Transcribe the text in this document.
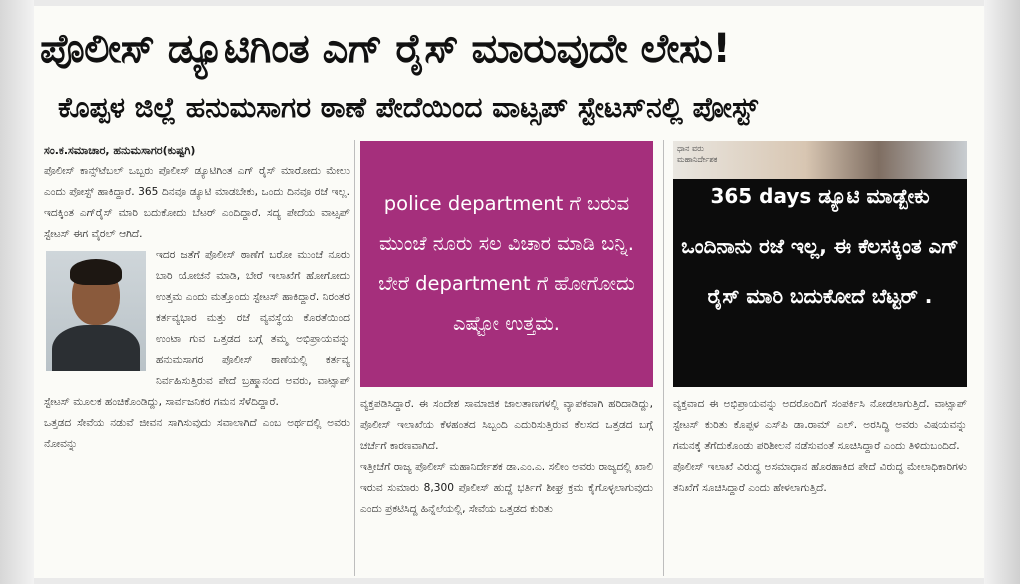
ಪೊಲೀಸ್ ಡ್ಯೂಟಿಗಿಂತ ಎಗ್ ರೈಸ್ ಮಾರುವುದೇ ಲೇಸು!
ಕೊಪ್ಪಳ ಜಿಲ್ಲೆ ಹನುಮಸಾಗರ ಠಾಣೆ ಪೇದೆಯಿಂದ ವಾಟ್ಸಪ್ ಸ್ಟೇಟಸ್‌ನಲ್ಲಿ ಪೋಸ್ಟ್
ಸಂ.ಕ.ಸಮಾಚಾರ, ಹನುಮಸಾಗರ(ಕುಷ್ಟಗಿ)
ಪೊಲೀಸ್ ಕಾನ್ಸ್‌ಟೆಬಲ್ ಒಬ್ಬರು ಪೊಲೀಸ್ ಡ್ಯೂಟಿಗಿಂತ ಎಗ್ ರೈಸ್ ಮಾರೋದು ಮೇಲು ಎಂದು ಪೋಸ್ಟ್ ಹಾಕಿದ್ದಾರೆ. 365 ದಿನವೂ ಡ್ಯೂಟಿ ಮಾಡಬೇಕು, ಒಂದು ದಿನವೂ ರಜೆ ಇಲ್ಲ. ಇದಕ್ಕಿಂತ ಎಗ್‌ರೈಸ್ ಮಾರಿ ಬದುಕೋದು ಬೆಟರ್ ಎಂದಿದ್ದಾರೆ. ಸದ್ಯ ಪೇದೆಯ ವಾಟ್ಸಪ್ ಸ್ಟೇಟಸ್ ಈಗ ವೈರಲ್ ಆಗಿದೆ.
ಇದರ ಜತೆಗೆ ಪೊಲೀಸ್ ಠಾಣೆಗೆ ಬರೋ ಮುಂಚೆ ನೂರು ಬಾರಿ ಯೋಚನೆ ಮಾಡಿ, ಬೇರೆ ಇಲಾಖೆಗೆ ಹೋಗೋದು ಉತ್ತಮ ಎಂದು ಮತ್ತೊಂದು ಸ್ಟೇಟಸ್ ಹಾಕಿದ್ದಾರೆ. ನಿರಂತರ ಕರ್ತವ್ಯಭಾರ ಮತ್ತು ರಜೆ ವ್ಯವಸ್ಥೆಯ ಕೊರತೆಯಿಂದ ಉಂಟಾ ಗುವ ಒತ್ತಡದ ಬಗ್ಗೆ ತಮ್ಮ ಅಭಿಪ್ರಾಯವನ್ನು ಹನುಮಸಾಗರ ಪೊಲೀಸ್ ಠಾಣೆಯಲ್ಲಿ ಕರ್ತವ್ಯ ನಿರ್ವಹಿಸುತ್ತಿರುವ ಪೇದೆ ಬ್ರಹ್ಮಾನಂದ ಅವರು, ವಾಟ್ಸಾಪ್ ಸ್ಟೇಟಸ್ ಮೂಲಕ ಹಂಚಿಕೊಂಡಿದ್ದು, ಸಾರ್ವಜನಿಕರ ಗಮನ ಸೆಳೆದಿದ್ದಾರೆ.
ಒತ್ತಡದ ಸೇವೆಯ ನಡುವೆ ಜೀವನ ಸಾಗಿಸುವುದು ಸವಾಲಾಗಿದೆ ಎಂಬ ಅರ್ಥದಲ್ಲಿ ಅವರು ನೋವನ್ನು
police department ಗೆ ಬರುವ ಮುಂಚೆ ನೂರು ಸಲ ವಿಚಾರ ಮಾಡಿ ಬನ್ನಿ. ಬೇರೆ department ಗೆ ಹೋಗೋದು ಎಷ್ಟೋ ಉತ್ತಮ.
ಧಾನ ವರು
ಮಹಾನಿರ್ದೇಶಕ
365 days ಡ್ಯೂಟಿ ಮಾಡ್ಬೇಕು ಒಂದಿನಾನು ರಜೆ ಇಲ್ಲ, ಈ ಕೆಲಸಕ್ಕಿಂತ ಎಗ್ ರೈಸ್ ಮಾರಿ ಬದುಕೋದೆ ಬೆಟ್ಟರ್ .
ವ್ಯಕ್ತಪಡಿಸಿದ್ದಾರೆ. ಈ ಸಂದೇಶ ಸಾಮಾಜಿಕ ಜಾಲತಾಣಗಳಲ್ಲಿ ವ್ಯಾಪಕವಾಗಿ ಹರಿದಾಡಿದ್ದು, ಪೊಲೀಸ್ ಇಲಾಖೆಯ ಕೆಳಹಂತದ ಸಿಬ್ಬಂದಿ ಎದುರಿಸುತ್ತಿರುವ ಕೆಲಸದ ಒತ್ತಡದ ಬಗ್ಗೆ ಚರ್ಚೆಗೆ ಕಾರಣವಾಗಿದೆ.
ಇತ್ತೀಚೆಗೆ ರಾಜ್ಯ ಪೊಲೀಸ್ ಮಹಾನಿರ್ದೇಶಕ ಡಾ.ಎಂ.ಎ. ಸಲೀಂ ಅವರು ರಾಜ್ಯದಲ್ಲಿ ಖಾಲಿ ಇರುವ ಸುಮಾರು 8,300 ಪೊಲೀಸ್ ಹುದ್ದೆ ಭರ್ತಿಗೆ ಶೀಘ್ರ ಕ್ರಮ ಕೈಗೊಳ್ಳಲಾಗುವುದು ಎಂದು ಪ್ರಕಟಿಸಿದ್ದ ಹಿನ್ನೆಲೆಯಲ್ಲಿ, ಸೇವೆಯ ಒತ್ತಡದ ಕುರಿತು
ವ್ಯಕ್ತವಾದ ಈ ಅಭಿಪ್ರಾಯವನ್ನು ಅದರೊಂದಿಗೆ ಸಂಪರ್ಕಿಸಿ ನೋಡಲಾಗುತ್ತಿದೆ. ವಾಟ್ಸಾಪ್ ಸ್ಟೇಟಸ್ ಕುರಿತು ಕೊಪ್ಪಳ ಎಸ್‌ಪಿ ಡಾ.ರಾಮ್ ಎಲ್. ಅರಸಿದ್ಧಿ ಅವರು ವಿಷಯವನ್ನು ಗಮನಕ್ಕೆ ತೆಗೆದುಕೊಂಡು ಪರಿಶೀಲನೆ ನಡೆಸುವಂತೆ ಸೂಚಿಸಿದ್ದಾರೆ ಎಂದು ತಿಳಿದುಬಂದಿದೆ.
ಪೊಲೀಸ್ ಇಲಾಖೆ ವಿರುದ್ಧ ಅಸಮಾಧಾನ ಹೊರಹಾಕಿದ ಪೇದೆ ವಿರುದ್ಧ ಮೇಲಾಧಿಕಾರಿಗಳು ತನಿಖೆಗೆ ಸೂಚಿಸಿದ್ದಾರೆ ಎಂದು ಹೇಳಲಾಗುತ್ತಿದೆ.
